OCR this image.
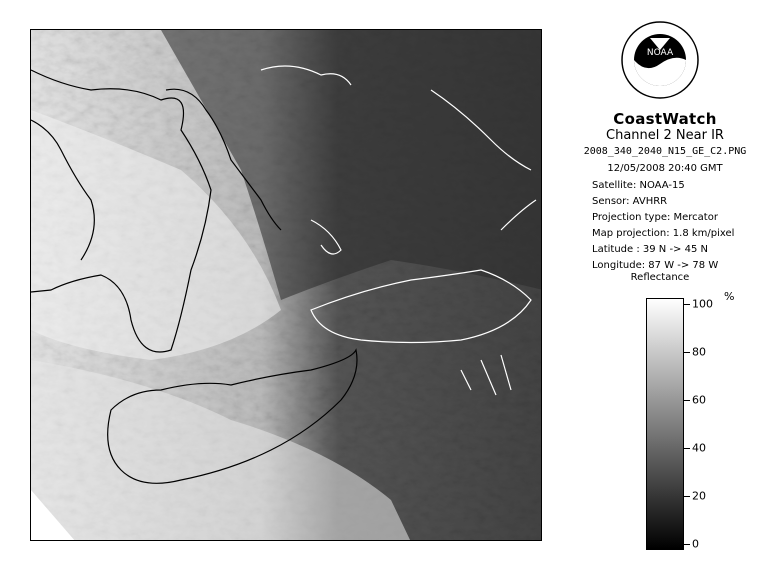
NOAA
CoastWatch
Channel 2 Near IR
2008_340_2040_N15_GE_C2.PNG
12/05/2008 20:40 GMT
Satellite: NOAA-15
Sensor: AVHRR
Projection type: Mercator
Map projection: 1.8 km/pixel
Latitude : 39 N -> 45 N
Longitude: 87 W -> 78 W
Reflectance
100
80
60
40
20
0
%
